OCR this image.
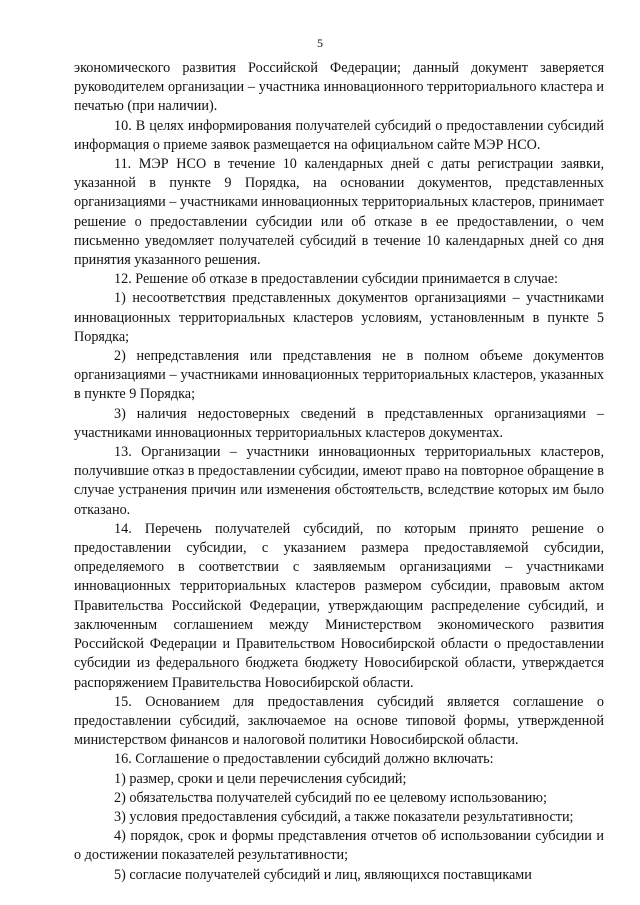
5

экономического развития Российской Федерации; данный документ заверяется руководителем организации – участника инновационного территориального кластера и печатью (при наличии).

10. В целях информирования получателей субсидий о предоставлении субсидий информация о приеме заявок размещается на официальном сайте МЭР НСО.

11. МЭР НСО в течение 10 календарных дней с даты регистрации заявки, указанной в пункте 9 Порядка, на основании документов, представленных организациями – участниками инновационных территориальных кластеров, принимает решение о предоставлении субсидии или об отказе в ее предоставлении, о чем письменно уведомляет получателей субсидий в течение 10 календарных дней со дня принятия указанного решения.

12. Решение об отказе в предоставлении субсидии принимается в случае:

1) несоответствия представленных документов организациями – участниками инновационных территориальных кластеров условиям, установленным в пункте 5 Порядка;

2) непредставления или представления не в полном объеме документов организациями – участниками инновационных территориальных кластеров, указанных в пункте 9 Порядка;

3) наличия недостоверных сведений в представленных организациями – участниками инновационных территориальных кластеров документах.

13. Организации – участники инновационных территориальных кластеров, получившие отказ в предоставлении субсидии, имеют право на повторное обращение в случае устранения причин или изменения обстоятельств, вследствие которых им было отказано.

14. Перечень получателей субсидий, по которым принято решение о предоставлении субсидии, с указанием размера предоставляемой субсидии, определяемого в соответствии с заявляемым организациями – участниками инновационных территориальных кластеров размером субсидии, правовым актом Правительства Российской Федерации, утверждающим распределение субсидий, и заключенным соглашением между Министерством экономического развития Российской Федерации и Правительством Новосибирской области о предоставлении субсидии из федерального бюджета бюджету Новосибирской области, утверждается распоряжением Правительства Новосибирской области.

15. Основанием для предоставления субсидий является соглашение о предоставлении субсидий, заключаемое на основе типовой формы, утвержденной министерством финансов и налоговой политики Новосибирской области.

16. Соглашение о предоставлении субсидий должно включать:

1) размер, сроки и цели перечисления субсидий;

2) обязательства получателей субсидий по ее целевому использованию;

3) условия предоставления субсидий, а также показатели результативности;

4) порядок, срок и формы представления отчетов об использовании субсидии и о достижении показателей результативности;

5) согласие получателей субсидий и лиц, являющихся поставщиками
